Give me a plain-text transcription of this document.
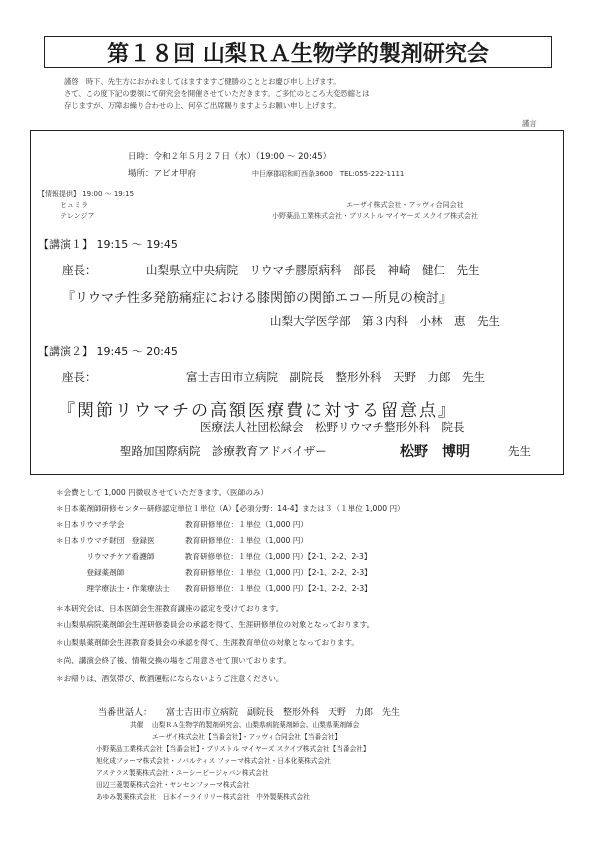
第１８回 山梨ＲＡ生物学的製剤研究会
謹啓　時下、先生方におかれましてはますますご健勝のこととお慶び申し上げます。
さて、この度下記の要領にて研究会を開催させていただきます。ご多忙のところ大変恐縮とは
存じますが、万障お繰り合わせの上、何卒ご出席賜りますようお願い申し上げます。
謹言
日時：令和２年５月２７日（水）（19:00 〜 20:45）
場所：アピオ甲府	中巨摩郡昭和町西条3600　TEL:055-222-1111
【情報提供】 19:00 〜 19:15
ヒュミラ	エーザイ株式会社・アッヴィ合同会社
テレンジア	小野薬品工業株式会社・ブリストル マイヤーズ スクイブ株式会社
【講演１】 19:15 〜 19:45
座長：	山梨県立中央病院　リウマチ膠原病科　部長　神崎　健仁　先生
『リウマチ性多発筋痛症における膝関節の関節エコー所見の検討』
山梨大学医学部　第３内科　小林　恵　先生
【講演２】 19:45 〜 20:45
座長：	富士吉田市立病院　副院長　整形外科　天野　力郎　先生
『関節リウマチの高額医療費に対する留意点』
医療法人社団松緑会　松野リウマチ整形外科　院長
聖路加国際病院　診療教育アドバイザー	松野　博明	先生
＊会費として 1,000 円徴収させていただきます。（医師のみ）
＊日本薬剤師研修センター研修認定単位１単位（A）【必須分野：14-4】または３（１単位 1,000 円）
＊日本リウマチ学会　　　　　　　　教育研修単位：１単位（1,000 円）
＊日本リウマチ財団　登録医　　　　教育研修単位：１単位（1,000 円）
　　　　リウマチケア看護師　　　　教育研修単位：１単位（1,000 円）【2-1、2-2、2-3】
　　　　登録薬剤師　　　　　　　　教育研修単位：１単位（1,000 円）【2-1、2-2、2-3】
　　　　理学療法士・作業療法士　　教育研修単位：１単位（1,000 円）【2-1、2-2、2-3】
＊本研究会は、日本医師会生涯教育講座の認定を受けております。
＊山梨県病院薬剤師会生涯研修委員会の承認を得て、生涯研修単位の対象となっております。
＊山梨県薬剤師会生涯教育委員会の承認を得て、生涯教育単位の対象となっております。
＊尚、講演会終了後、情報交換の場をご用意させて頂いております。
＊お帰りは、酒気帯び、飲酒運転にならないようご注意ください。
当番世話人： 富士吉田市立病院　副院長　整形外科　天野　力郎　先生
共催 山梨ＲＡ生物学的製剤研究会、山梨県病院薬剤師会、山梨県薬剤師会
エーザイ株式会社【当番会社】・アッヴィ合同会社【当番会社】
小野薬品工業株式会社【当番会社】・ブリストル マイヤーズ スクイブ株式会社【当番会社】
旭化成ファーマ株式会社・ノバルティス ファーマ株式会社・日本化薬株式会社
アステラス製薬株式会社・ユーシービージャパン株式会社
田辺三菱製薬株式会社・ヤンセンファーマ株式会社
あゆみ製薬株式会社　日本イーライリリー株式会社　中外製薬株式会社
